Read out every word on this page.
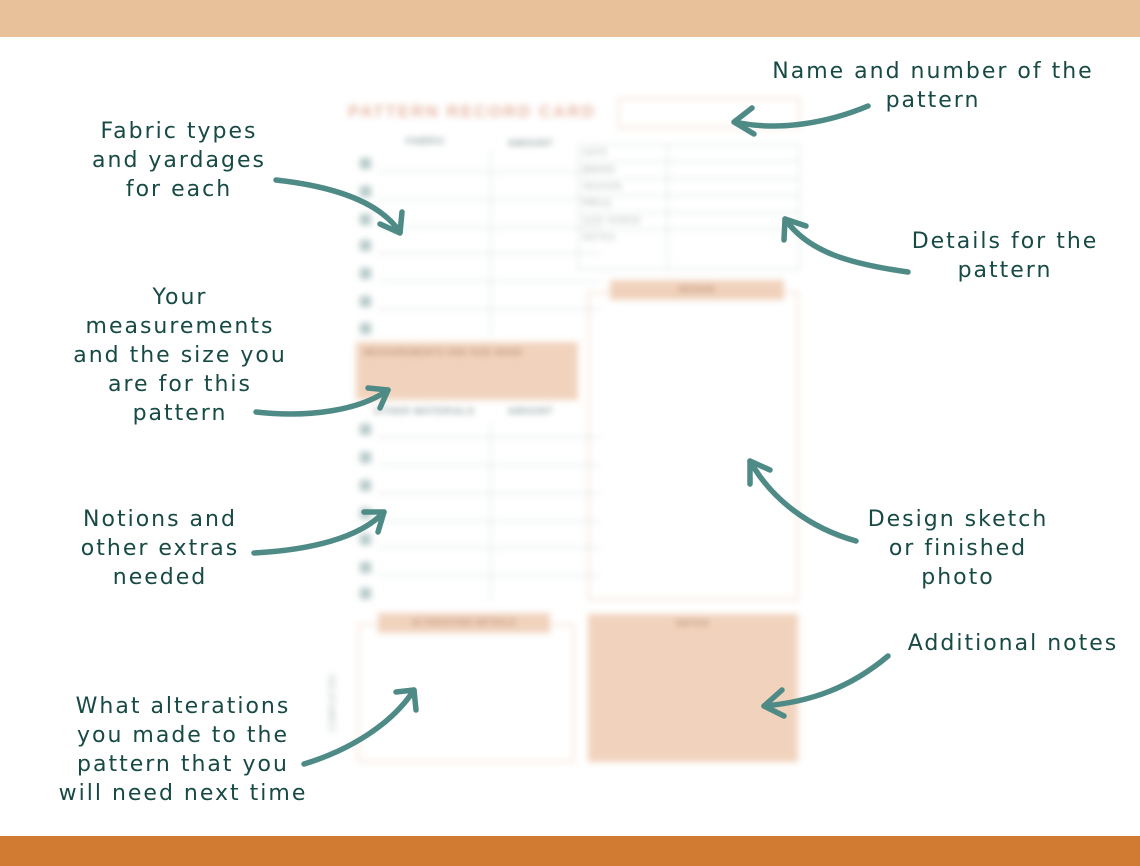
PATTERN RECORD CARD
FABRIC	AMOUNT
DATE
BRAND
SEASON
PRICE
SIZE RANGE
NOTES
DESIGN
MEASUREMENTS AND SIZE MADE
OTHER MATERIALS	AMOUNT
ALTERATION DETAILS	NOTES
COMPLETED
Name and number of the
pattern
Fabric types
and yardages
for each
Details for the
pattern
Your
measurements
and the size you
are for this
pattern
Notions and
other extras
needed
Design sketch
or finished
photo
Additional notes
What alterations
you made to the
pattern that you
will need next time
